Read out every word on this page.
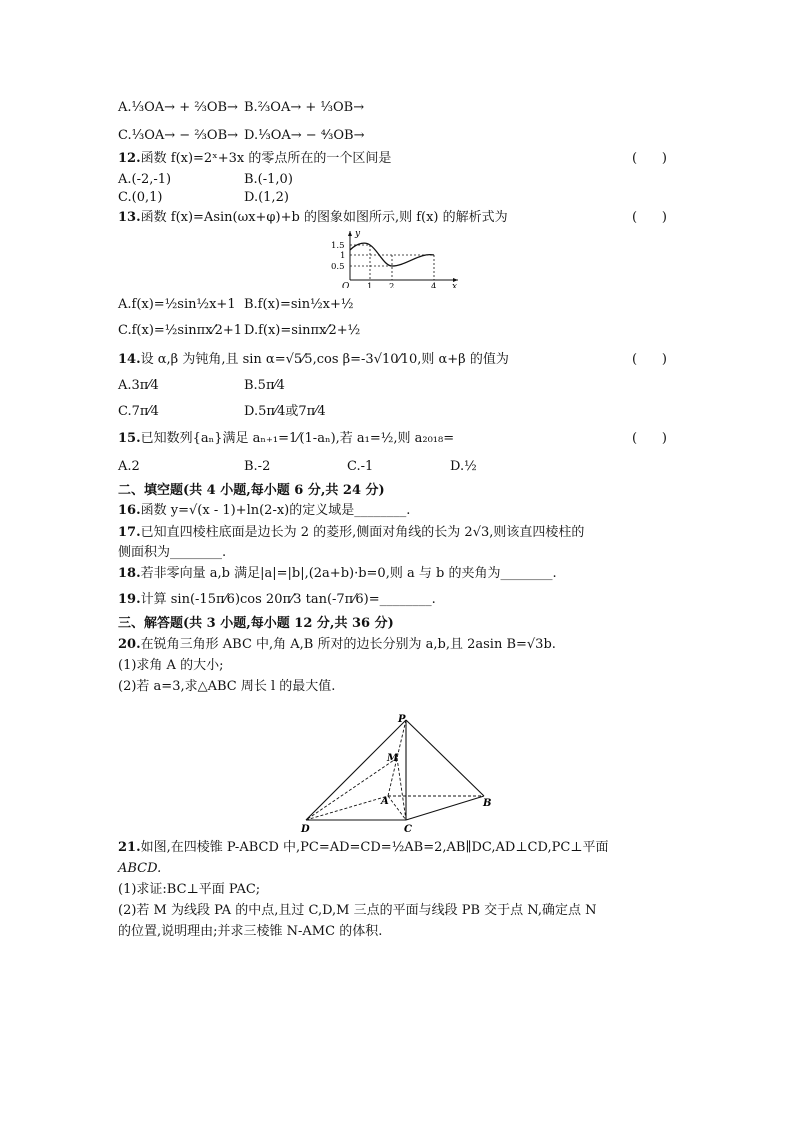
A.⅓OA→ + ⅔OB→ B.⅔OA→ + ⅓OB→
C.⅓OA→ − ⅔OB→ D.⅓OA→ − ⁴⁄₃OB→
12.函数 f(x)=2ˣ+3x 的零点所在的一个区间是	(      )
A.(-2,-1)	B.(-1,0)
C.(0,1)	D.(1,2)
13.函数 f(x)=Asin(ωx+φ)+b 的图象如图所示,则 f(x) 的解析式为	(      )
y
x
O
1.5
1
0.5
1 2	4
A.f(x)=½sin½x+1 B.f(x)=sin½x+½
C.f(x)=½sinπx⁄2+1 D.f(x)=sinπx⁄2+½
14.设 α,β 为钝角,且 sin α=√5⁄5,cos β=-3√10⁄10,则 α+β 的值为	(      )
A.3π⁄4	B.5π⁄4
C.7π⁄4	D.5π⁄4或7π⁄4
15.已知数列{aₙ}满足 aₙ₊₁=1⁄(1-aₙ),若 a₁=½,则 a₂₀₁₈=	(      )
A.2	B.-2	C.-1	D.½
二、填空题(共 4 小题,每小题 6 分,共 24 分)
16.函数 y=√(x - 1)+ln(2-x)的定义域是________.
17.已知直四棱柱底面是边长为 2 的菱形,侧面对角线的长为 2√3,则该直四棱柱的
侧面积为________.
18.若非零向量 a,b 满足|a|=|b|,(2a+b)·b=0,则 a 与 b 的夹角为________.
19.计算 sin(-15π⁄6)cos 20π⁄3 tan(-7π⁄6)=________.
三、解答题(共 3 小题,每小题 12 分,共 36 分)
20.在锐角三角形 ABC 中,角 A,B 所对的边长分别为 a,b,且 2asin B=√3b.
(1)求角 A 的大小;
(2)若 a=3,求△ABC 周长 l 的最大值.
P
M
A	B
C
D
21.如图,在四棱锥 P-ABCD 中,PC=AD=CD=½AB=2,AB∥DC,AD⊥CD,PC⊥平面
ABCD.
(1)求证:BC⊥平面 PAC;
(2)若 M 为线段 PA 的中点,且过 C,D,M 三点的平面与线段 PB 交于点 N,确定点 N
的位置,说明理由;并求三棱锥 N-AMC 的体积.
